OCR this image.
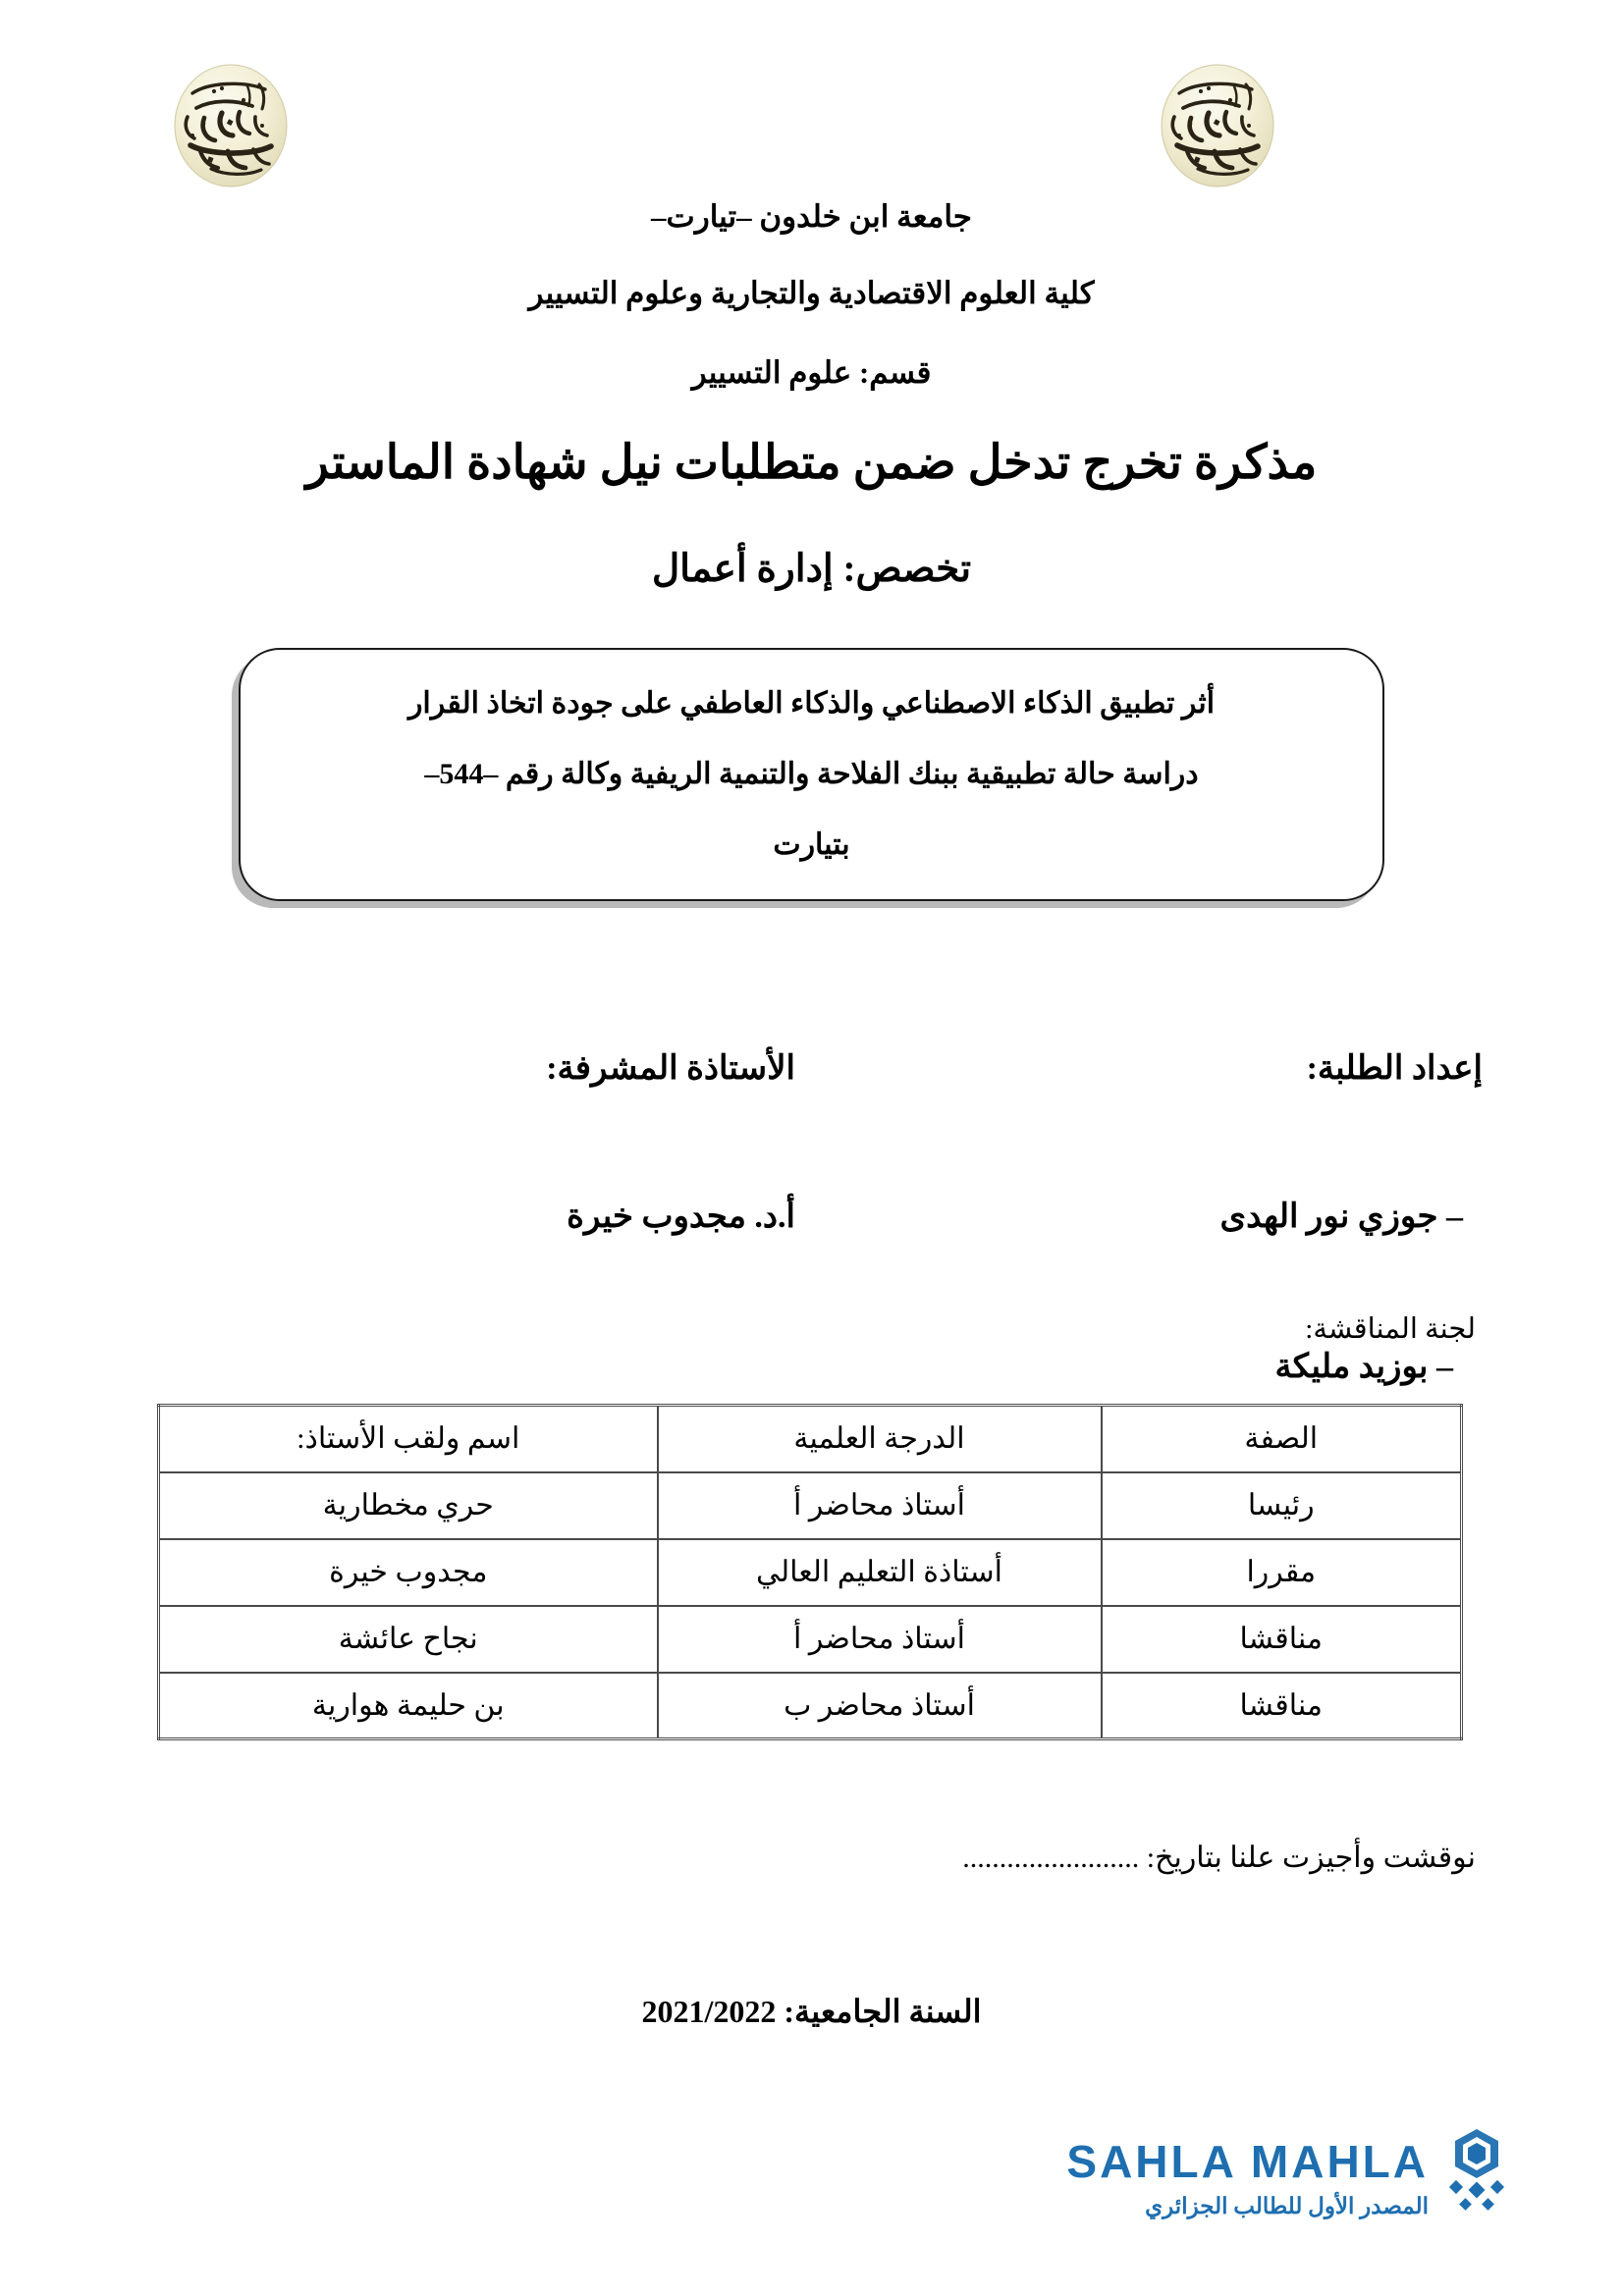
جامعة ابن خلدون –تيارت–
كلية العلوم الاقتصادية والتجارية وعلوم التسيير
قسم: علوم التسيير
مذكرة تخرج تدخل ضمن متطلبات نيل شهادة الماستر
تخصص: إدارة أعمال
أثر تطبيق الذكاء الاصطناعي والذكاء العاطفي على جودة اتخاذ القرار
دراسة حالة تطبيقية ببنك الفلاحة والتنمية الريفية وكالة رقم –544–
بتيارت
إعداد الطلبة:
الأستاذة المشرفة:
– جوزي نور الهدى
أ.د. مجدوب خيرة
– بوزيد مليكة
لجنة المناقشة:
الصفة	الدرجة العلمية	اسم ولقب الأستاذ:
رئيسا	أستاذ محاضر أ	حري مخطارية
مقررا	أستاذة التعليم العالي	مجدوب خيرة
مناقشا	أستاذ محاضر أ	نجاح عائشة
مناقشا	أستاذ محاضر ب	بن حليمة هوارية
نوقشت وأجيزت علنا بتاريخ: ........................
السنة الجامعية: 2021/2022
SAHLA MAHLA
المصدر الأول للطالب الجزائري
